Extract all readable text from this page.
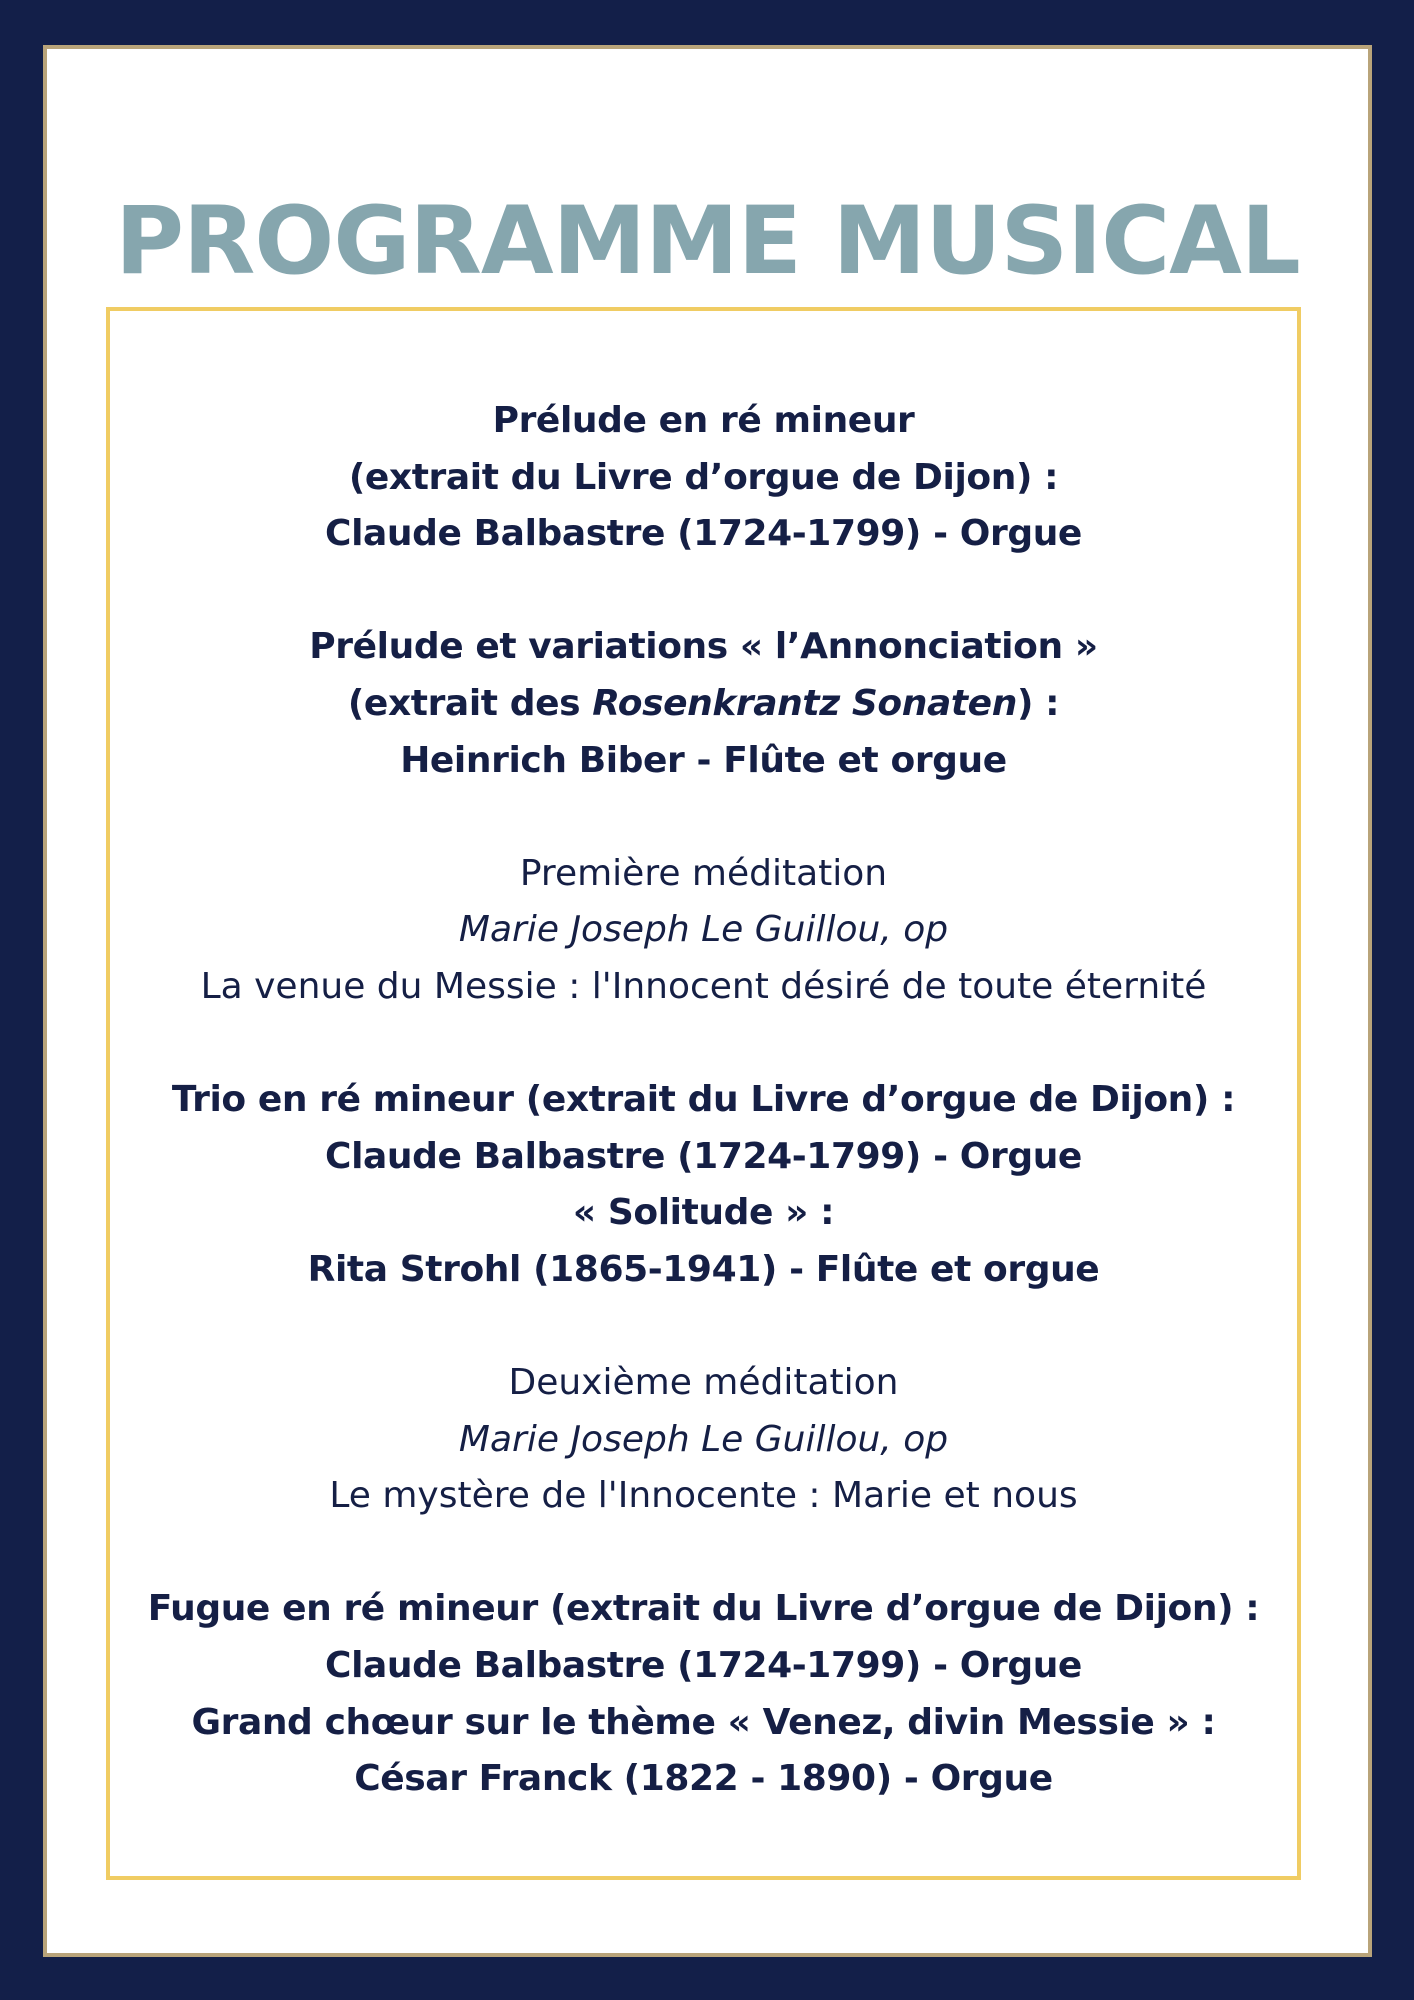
PROGRAMME MUSICAL
Prélude en ré mineur
(extrait du Livre d’orgue de Dijon) :
Claude Balbastre (1724-1799) - Orgue
Prélude et variations « l’Annonciation »
(extrait des Rosenkrantz Sonaten) :
Heinrich Biber - Flûte et orgue
Première méditation
Marie Joseph Le Guillou, op
La venue du Messie : l'Innocent désiré de toute éternité
Trio en ré mineur (extrait du Livre d’orgue de Dijon) :
Claude Balbastre (1724-1799) - Orgue
« Solitude » :
Rita Strohl (1865-1941) - Flûte et orgue
Deuxième méditation
Marie Joseph Le Guillou, op
Le mystère de l'Innocente : Marie et nous
Fugue en ré mineur (extrait du Livre d’orgue de Dijon) :
Claude Balbastre (1724-1799) - Orgue
Grand chœur sur le thème « Venez, divin Messie » :
César Franck (1822 - 1890) - Orgue
